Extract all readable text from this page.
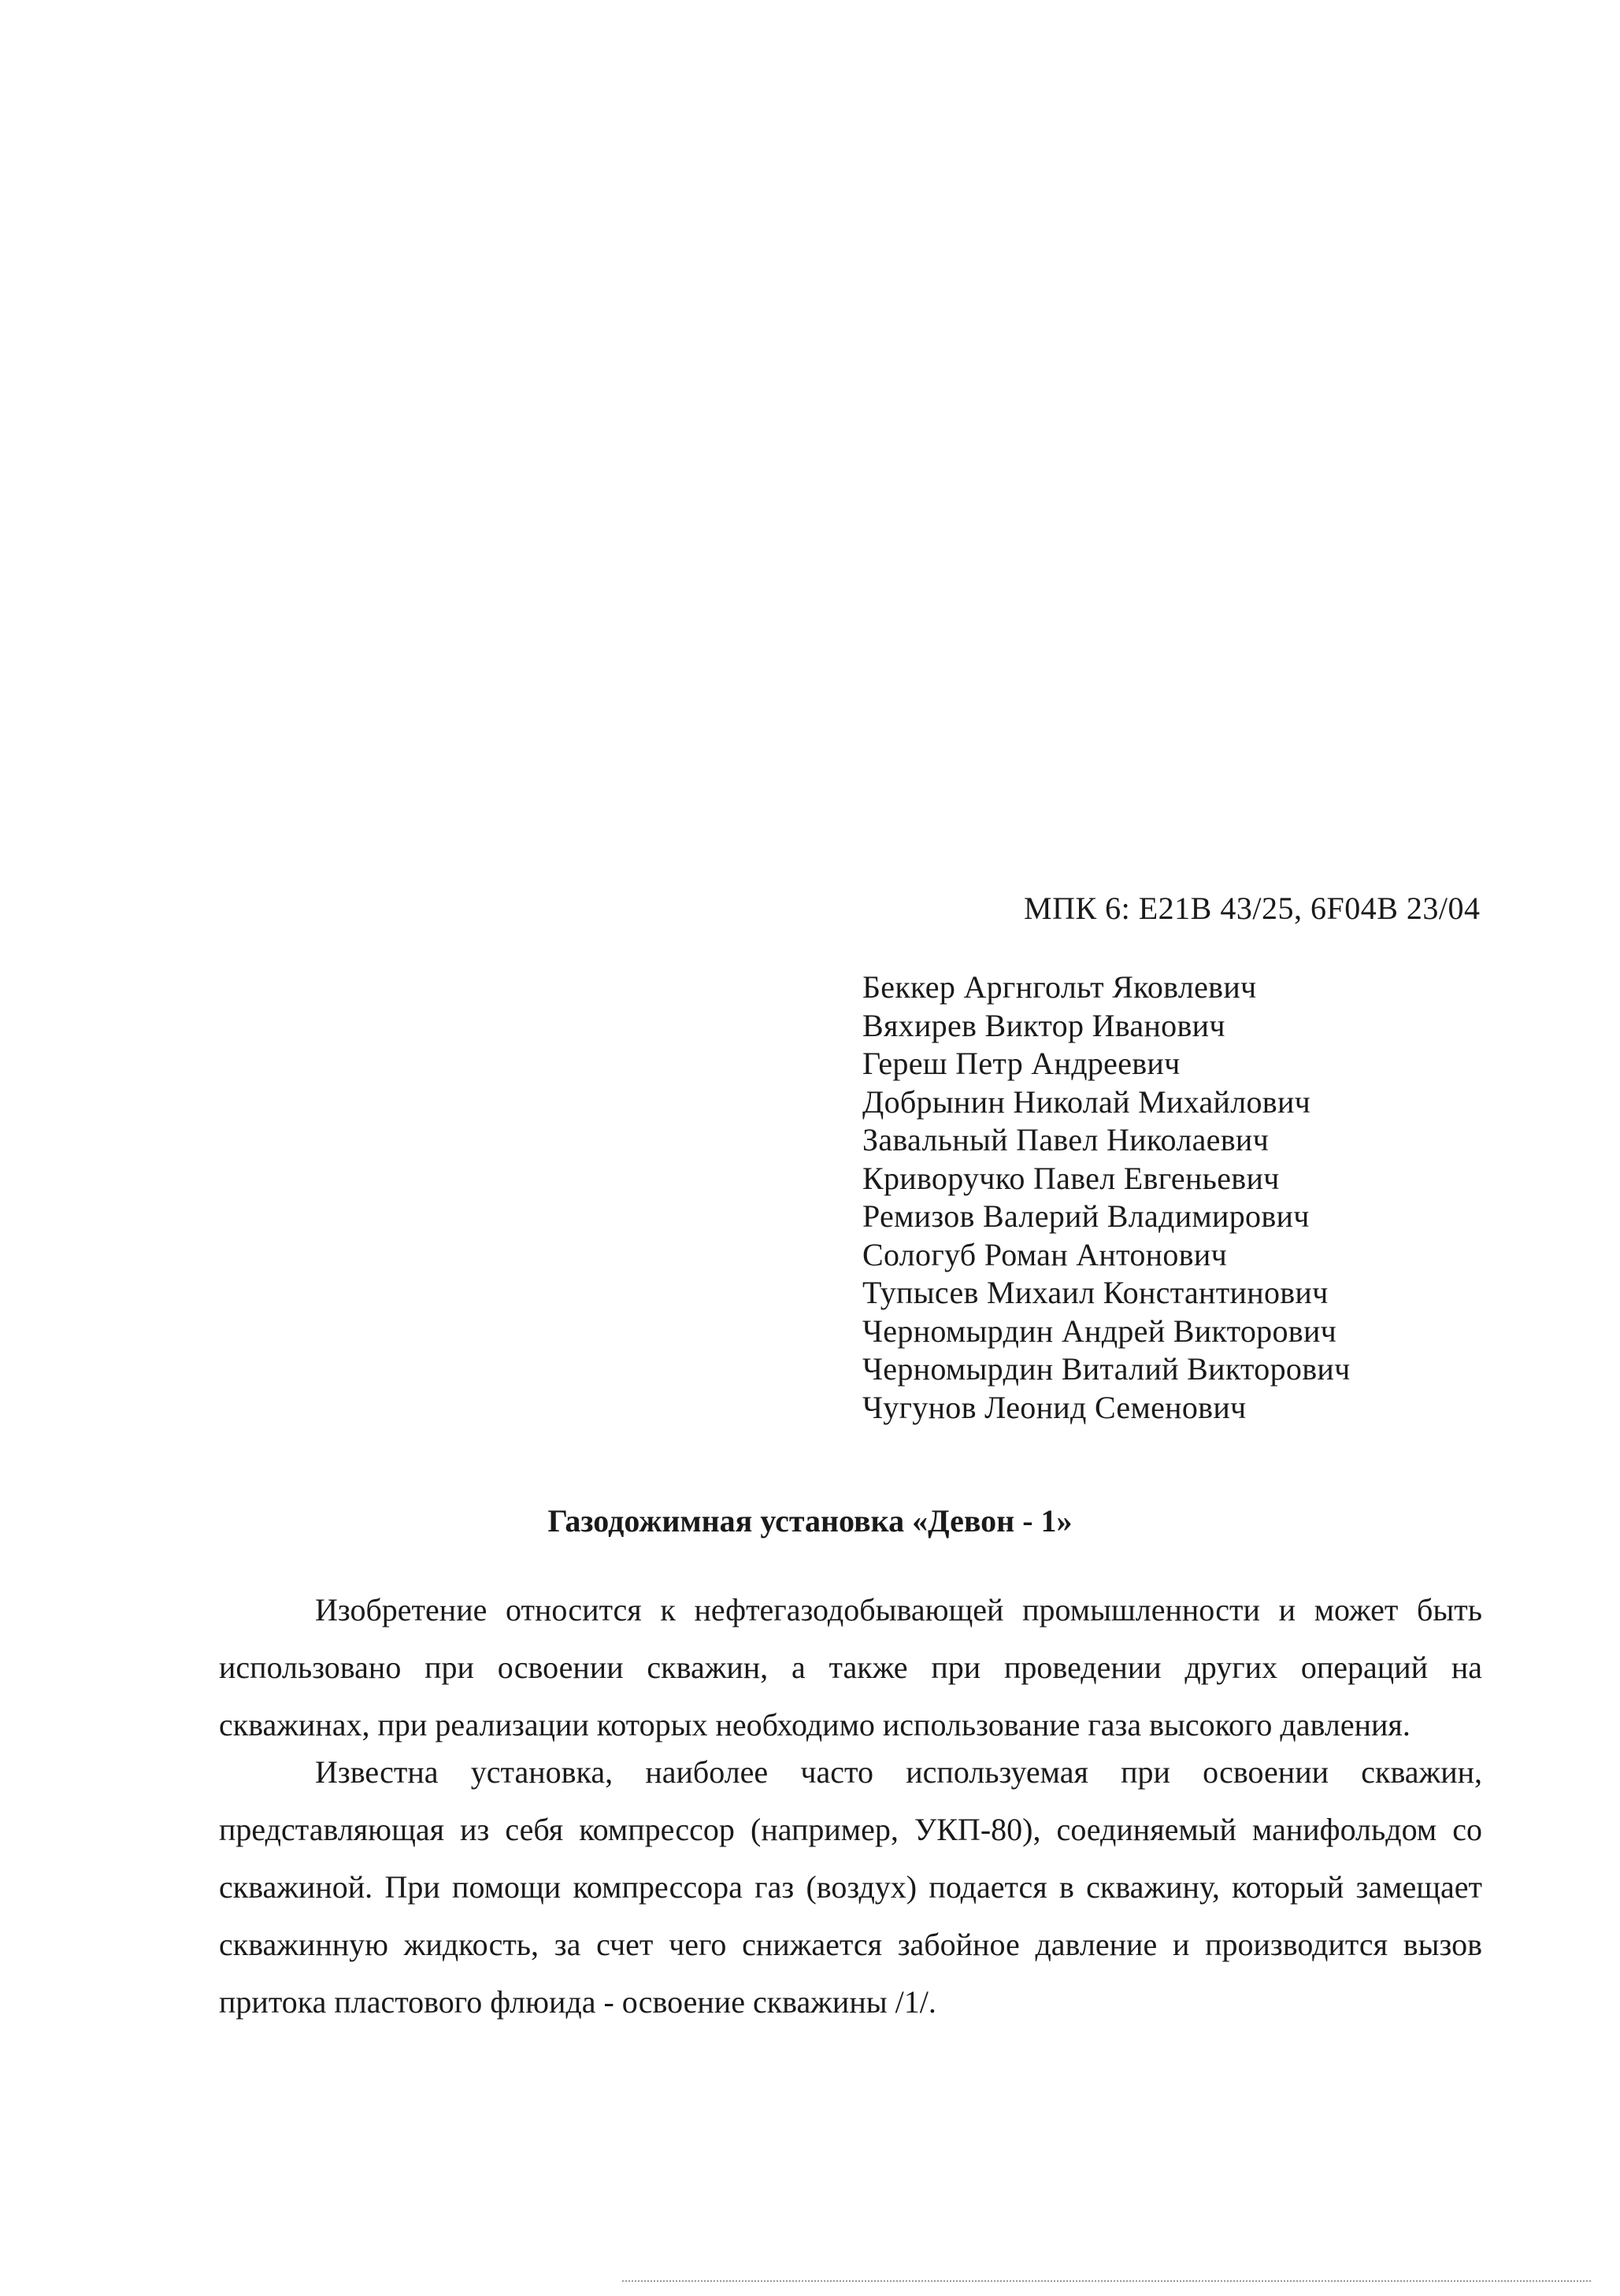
МПК 6: E21B 43/25, 6F04B 23/04
Беккер Аргнгольт Яковлевич
Вяхирев Виктор Иванович
Гереш Петр Андреевич
Добрынин Николай Михайлович
Завальный Павел Николаевич
Криворучко Павел Евгеньевич
Ремизов Валерий Владимирович
Сологуб Роман Антонович
Тупысев Михаил Константинович
Черномырдин Андрей Викторович
Черномырдин Виталий Викторович
Чугунов Леонид Семенович
Газодожимная установка «Девон - 1»

Изобретение относится к нефтегазодобывающей промышленности и может быть использовано при освоении скважин, а также при проведении других операций на скважинах, при реализации которых необходимо использование газа высокого давления.

Известна установка, наиболее часто используемая при освоении скважин, представляющая из себя компрессор (например, УКП-80), соединяемый манифольдом со скважиной. При помощи компрессора газ (воздух) подается в скважину, который замещает скважинную жидкость, за счет чего снижается забойное давление и производится вызов притока пластового флюида - освоение скважины /1/.
